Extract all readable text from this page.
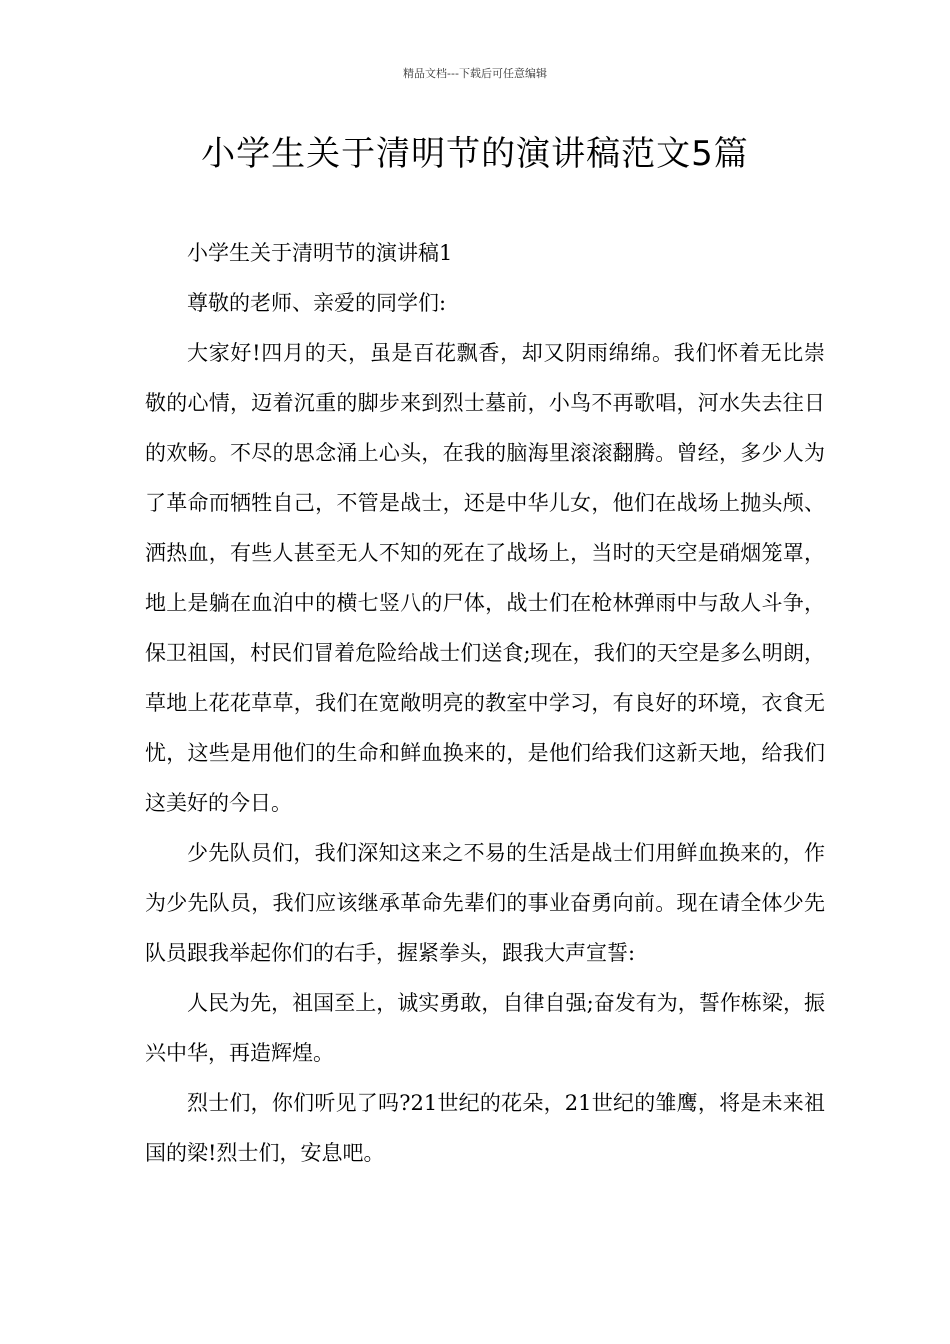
精品文档---下载后可任意编辑
小学生关于清明节的演讲稿范文5篇

小学生关于清明节的演讲稿1

尊敬的老师、亲爱的同学们:

大家好!四月的天，虽是百花飘香，却又阴雨绵绵。我们怀着无比崇敬的心情，迈着沉重的脚步来到烈士墓前，小鸟不再歌唱，河水失去往日的欢畅。不尽的思念涌上心头，在我的脑海里滚滚翻腾。曾经，多少人为了革命而牺牲自己，不管是战士，还是中华儿女，他们在战场上抛头颅、洒热血，有些人甚至无人不知的死在了战场上，当时的天空是硝烟笼罩，地上是躺在血泊中的横七竖八的尸体，战士们在枪林弹雨中与敌人斗争，保卫祖国，村民们冒着危险给战士们送食;现在，我们的天空是多么明朗，草地上花花草草，我们在宽敞明亮的教室中学习，有良好的环境，衣食无忧，这些是用他们的生命和鲜血换来的，是他们给我们这新天地，给我们这美好的今日。

少先队员们，我们深知这来之不易的生活是战士们用鲜血换来的，作为少先队员，我们应该继承革命先辈们的事业奋勇向前。现在请全体少先队员跟我举起你们的右手，握紧拳头，跟我大声宣誓:

人民为先，祖国至上，诚实勇敢，自律自强;奋发有为，誓作栋梁，振兴中华，再造辉煌。

烈士们，你们听见了吗?21世纪的花朵，21世纪的雏鹰，将是未来祖国的梁!烈士们，安息吧。
